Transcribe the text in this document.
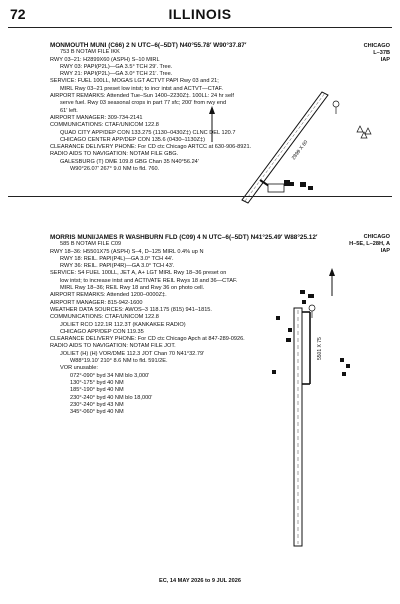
72	ILLINOIS
MONMOUTH MUNI (C66) 2 N UTC–6(–5DT) N40°55.78′ W90°37.87′
753 B NOTAM FILE IKK
RWY 03–21: H2899X60 (ASPH) S–10 MIRL
RWY 03: PAPI(P2L)—GA 3.5° TCH 29′. Tree.
RWY 21: PAPI(P2L)—GA 3.0° TCH 21′. Tree.
SERVICE: FUEL 100LL, MOGAS LGT ACTVT PAPI Rwy 03 and 21;
MIRL Rwy 03–21 preset low intst; to incr intst and ACTVT—CTAF.
AIRPORT REMARKS: Attended Tue–Sun 1400–2230Z‡. 100LL: 24 hr self
serve fuel. Rwy 03 seasonal crops in part 77 sfc; 200′ from rwy end
61′ left.
AIRPORT MANAGER: 309-734-2141
COMMUNICATIONS: CTAF/UNICOM 122.8
QUAD CITY APP/DEP CON 133.275 (1130–0430Z‡) CLNC DEL 120.7
CHICAGO CENTER APP/DEP CON 135.6 (0430–1130Z‡)
CLEARANCE DELIVERY PHONE: For CD ctc Chicago ARTCC at 630-906-8921.
RADIO AIDS TO NAVIGATION: NOTAM FILE GBG.
GALESBURG (T) DME 109.8 GBG Chan 35 N40°56.24′
W90°26.07′ 267° 9.0 NM to fld. 760.
CHICAGO
L–37B
IAP
2899 X 60
MORRIS MUNI/JAMES R WASHBURN FLD (C09) 4 N UTC–6(–5DT) N41°25.49′ W88°25.12′
585 B NOTAM FILE C09
RWY 18–36: H5501X75 (ASPH) S–4, D–125 MIRL 0.4% up N
RWY 18: REIL. PAPI(P4L)—GA 3.0° TCH 44′.
RWY 36: REIL. PAPI(P4R)—GA 3.0° TCH 43′.
SERVICE: S4 FUEL 100LL, JET A, A+ LGT MIRL Rwy 18–36 preset on
low intst; to increase intst and ACTIVATE REIL Rwys 18 and 36—CTAF.
MIRL Rwy 18–36; REIL Rwy 18 and Rwy 36 on photo cell.
AIRPORT REMARKS: Attended 1200–0000Z‡.
AIRPORT MANAGER: 815-942-1600
WEATHER DATA SOURCES: AWOS–3 118.175 (815) 941–1815.
COMMUNICATIONS: CTAF/UNICOM 122.8
JOLIET RCO 122.1R 112.3T (KANKAKEE RADIO)
CHICAGO APP/DEP CON 119.35
CLEARANCE DELIVERY PHONE: For CD ctc Chicago Apch at 847-289-0926.
RADIO AIDS TO NAVIGATION: NOTAM FILE JOT.
JOLIET (H) (H) VOR/DME 112.3 JOT Chan 70 N41°32.79′
W88°19.10′ 210° 8.6 NM to fld. 591/2E.
VOR unusable:
072°-090° byd 34 NM blo 3,000′
130°-175° byd 40 NM
185°-190° byd 40 NM
230°-240° byd 40 NM blo 18,000′
230°-240° byd 43 NM
345°-060° byd 40 NM
CHICAGO
H–5E, L–28H, A
IAP
5501 X 75
EC, 14 MAY 2026 to 9 JUL 2026
